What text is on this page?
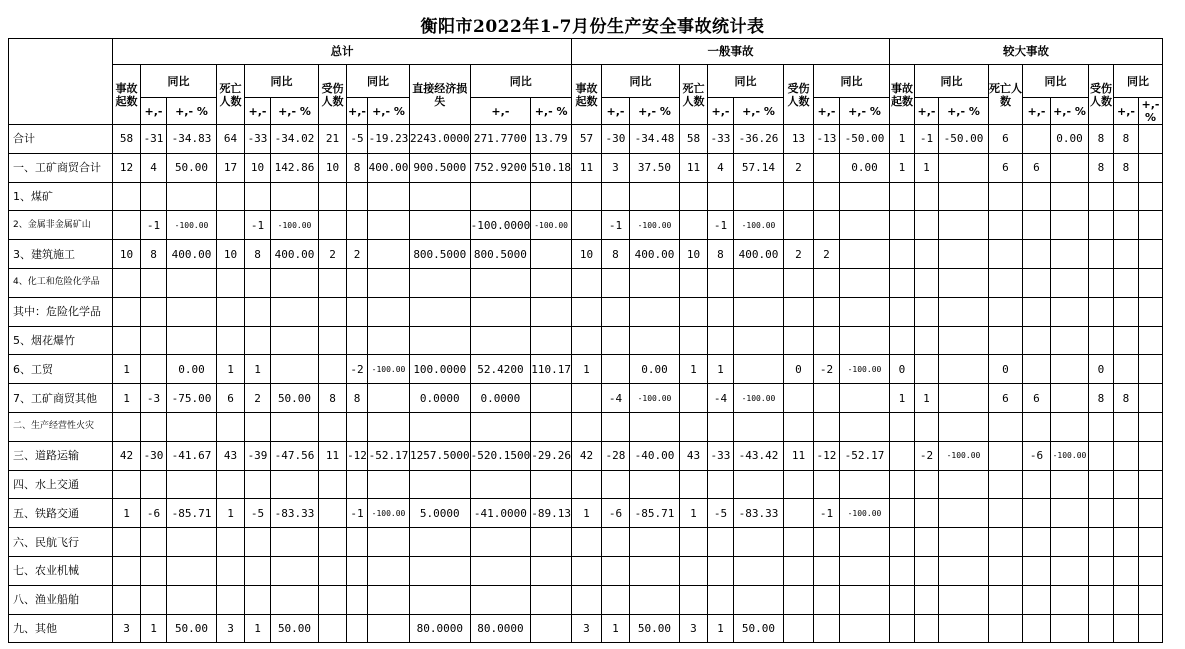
衡阳市2022年1-7月份生产安全事故统计表
	总计												一般事故									较大事故								
	事故起数	同比		死亡人数	同比		受伤人数	同比		直接经济损失	同比		事故起数	同比		死亡人数	同比		受伤人数	同比		事故起数	同比		死亡人数	同比		受伤人数	同比	
		+,-	+,- %		+,-	+,- %		+,-	+,- %		+,-	+,- %		+,-	+,- %		+,-	+,- %		+,-	+,- %		+,-	+,- %		+,-	+,- %		+,-	+,- %
合计	58	-31	-34.83	64	-33	-34.02	21	-5	-19.23	2243.0000	271.7700	13.79	57	-30	-34.48	58	-33	-36.26	13	-13	-50.00	1	-1	-50.00	6		0.00	8	8	
一、工矿商贸合计	12	4	50.00	17	10	142.86	10	8	400.00	900.5000	752.9200	510.18	11	3	37.50	11	4	57.14	2		0.00	1	1		6	6		8	8	
1、煤矿																														
2、金属非金属矿山		-1	-100.00		-1	-100.00					-100.0000	-100.00		-1	-100.00		-1	-100.00												
3、建筑施工	10	8	400.00	10	8	400.00	2	2		800.5000	800.5000		10	8	400.00	10	8	400.00	2	2										
4、化工和危险化学品																														
其中：危险化学品																														
5、烟花爆竹																														
6、工贸	1		0.00	1	1			-2	-100.00	100.0000	52.4200	110.17	1		0.00	1	1		0	-2	-100.00	0			0			0		
7、工矿商贸其他	1	-3	-75.00	6	2	50.00	8	8		0.0000	0.0000			-4	-100.00		-4	-100.00				1	1		6	6		8	8	
二、生产经营性火灾																														
三、道路运输	42	-30	-41.67	43	-39	-47.56	11	-12	-52.17	1257.5000	-520.1500	-29.26	42	-28	-40.00	43	-33	-43.42	11	-12	-52.17		-2	-100.00		-6	-100.00			
四、水上交通																														
五、铁路交通	1	-6	-85.71	1	-5	-83.33		-1	-100.00	5.0000	-41.0000	-89.13	1	-6	-85.71	1	-5	-83.33		-1	-100.00									
六、民航飞行																														
七、农业机械																														
八、渔业船舶																														
九、其他	3	1	50.00	3	1	50.00				80.0000	80.0000		3	1	50.00	3	1	50.00												
